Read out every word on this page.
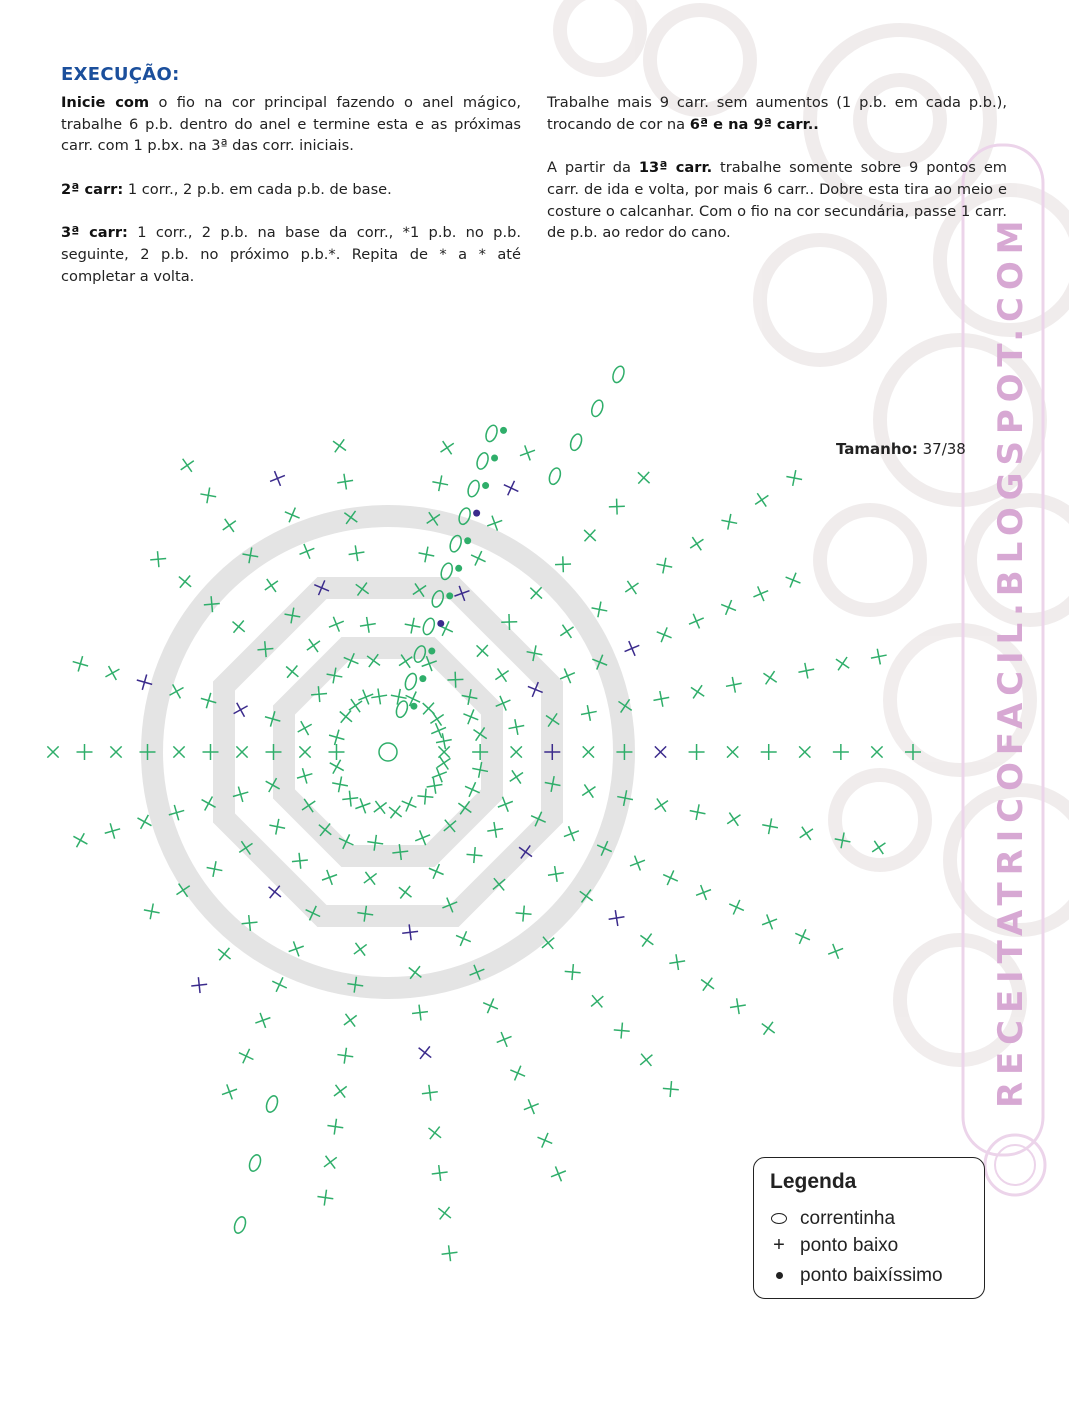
RECEITATRICOFACIL.BLOGSPOT.COM
EXECUÇÃO:

Inicie com o fio na cor principal fazendo o anel mágico, trabalhe 6 p.b. dentro do anel e termine esta e as próximas carr. com 1 p.bx. na 3ª das corr. iniciais.

2ª carr: 1 corr., 2 p.b. em cada p.b. de base.

3ª carr: 1 corr., 2 p.b. na base da corr., *1 p.b. no p.b. seguinte, 2 p.b. no próximo p.b.*. Repita de * a * até completar a volta.

Trabalhe mais 9 carr. sem aumentos (1 p.b. em cada p.b.), trocando de cor na 6ª e na 9ª carr..

A partir da 13ª carr. trabalhe somente sobre 9 pontos em carr. de ida e volta, por mais 6 carr.. Dobre esta tira ao meio e costure o calcanhar. Com o fio na cor secundária, passe 1 carr. de p.b. ao redor do cano.

Tamanho: 37/38
Legenda
correntinha
+ ponto baixo
ponto baixíssimo
